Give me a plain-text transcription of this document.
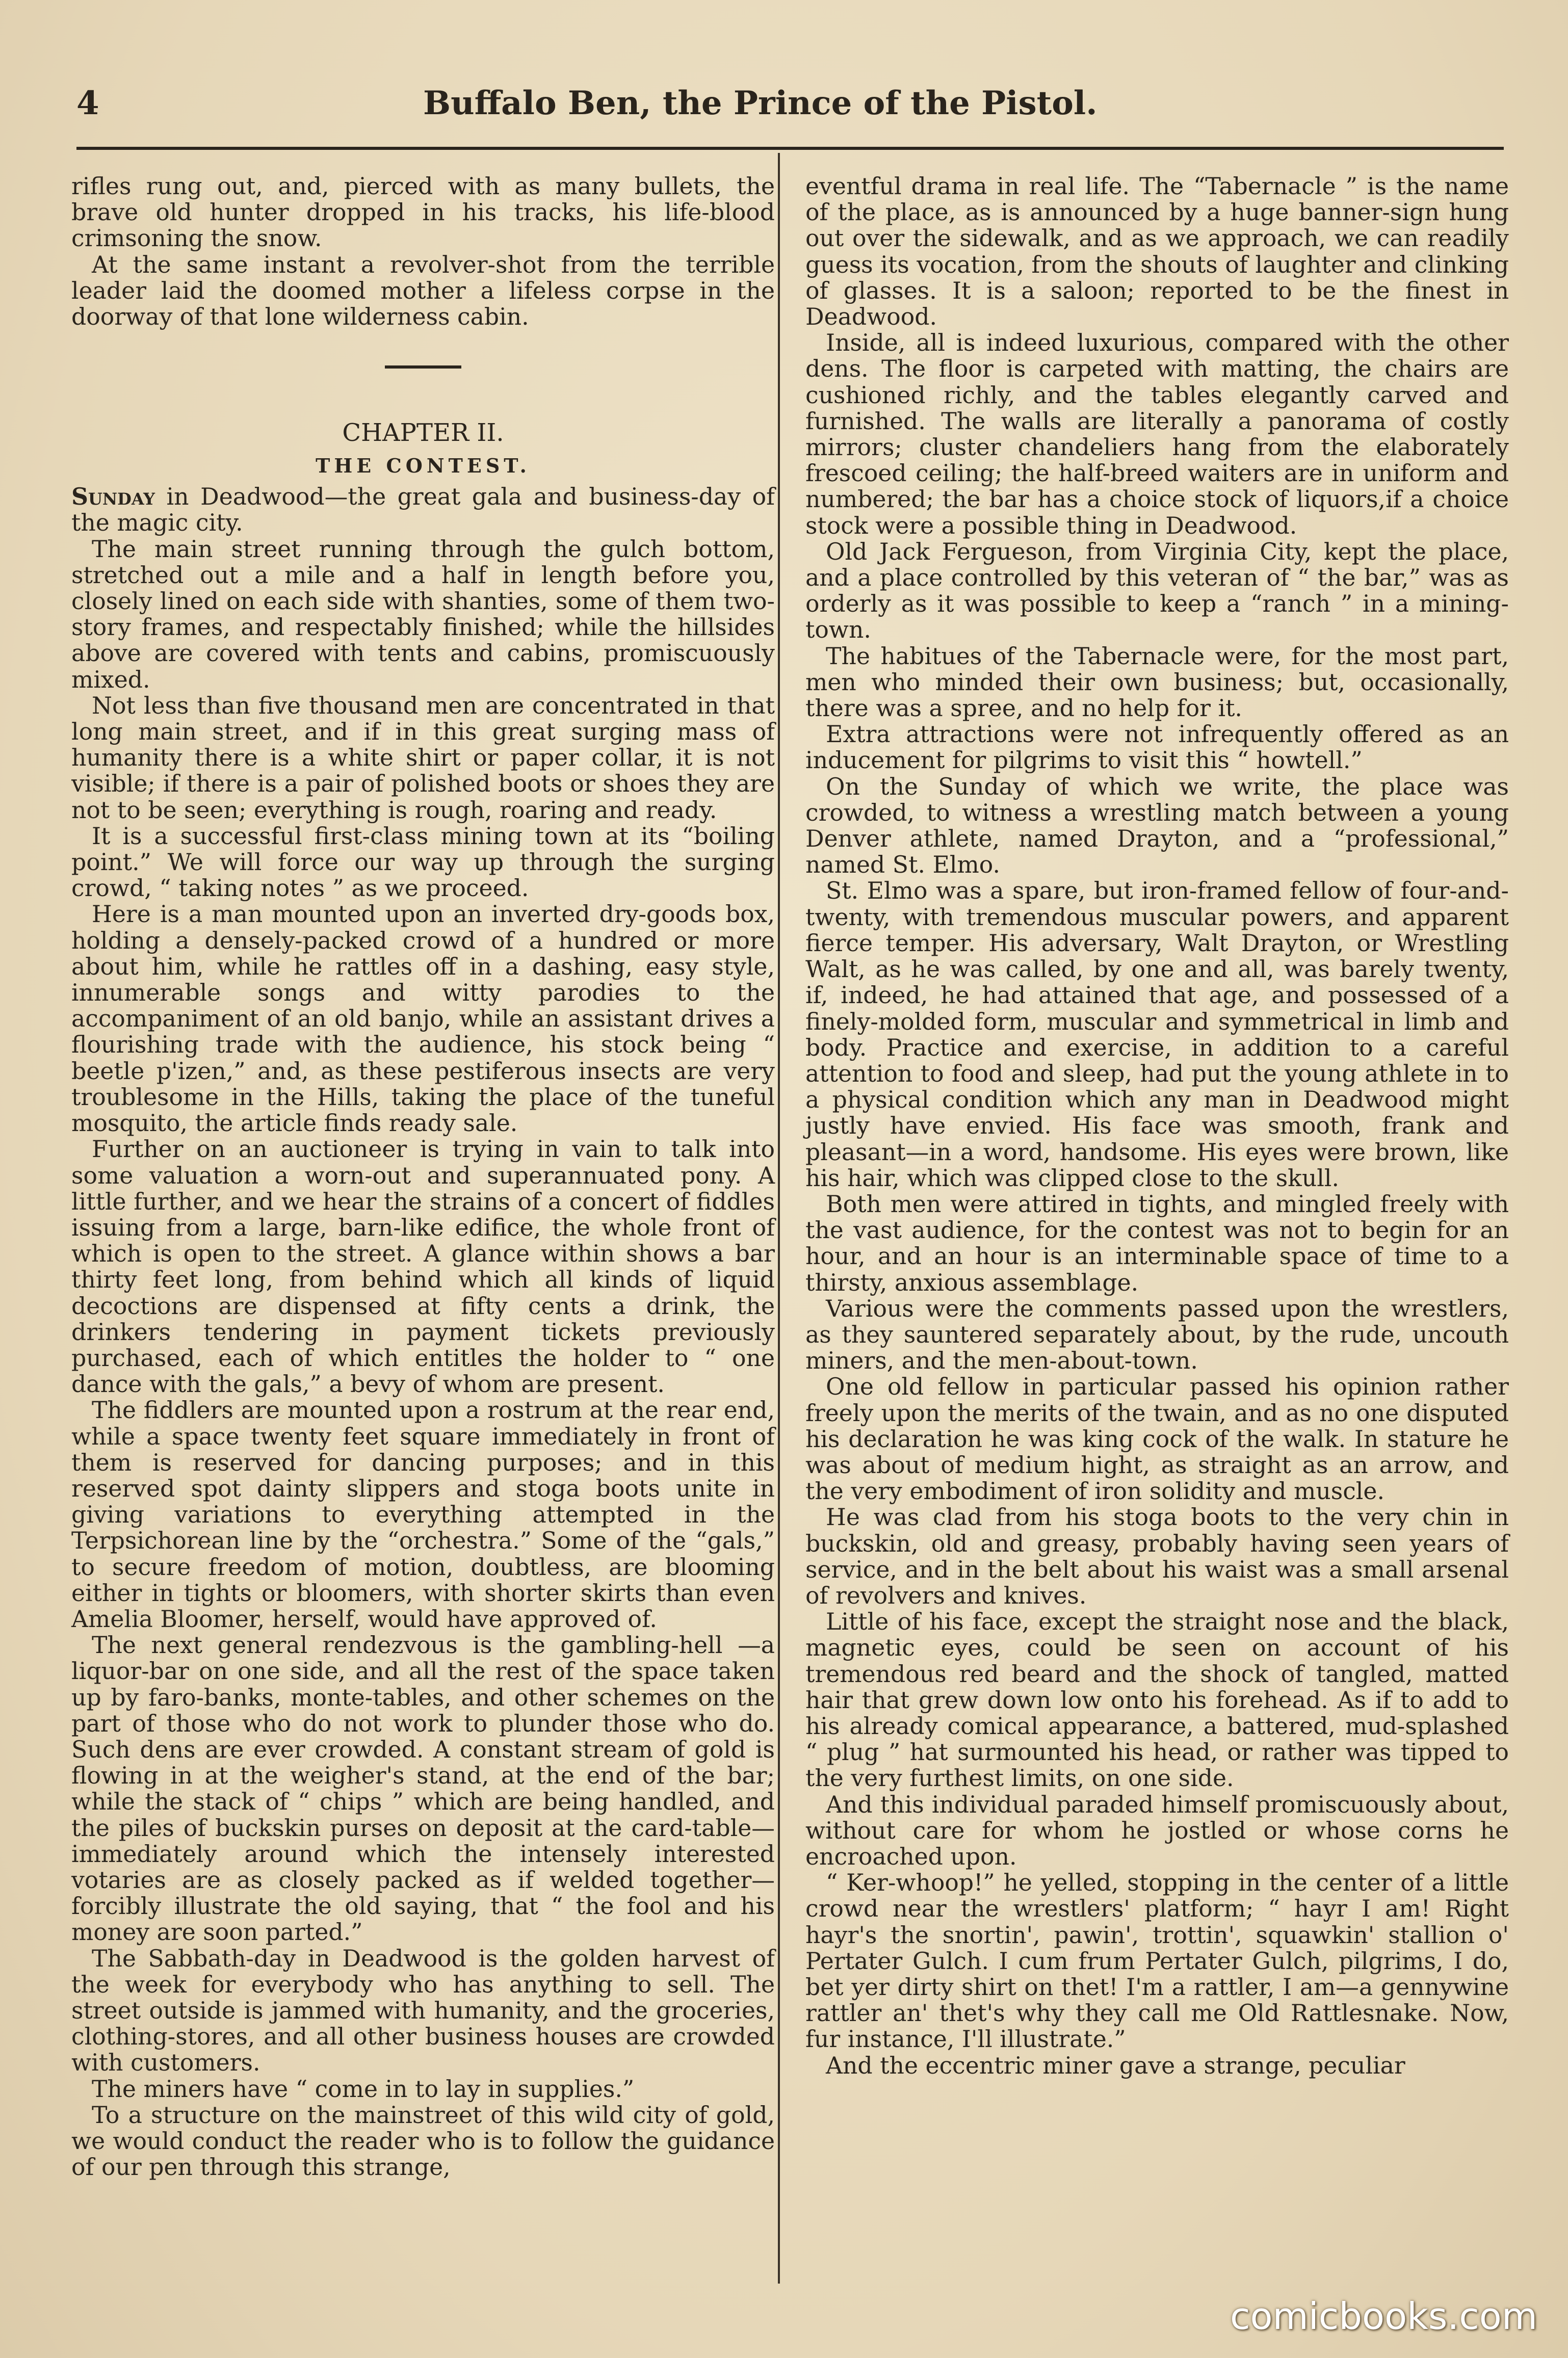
4	Buffalo Ben, the Prince of the Pistol.

rifles rung out, and, pierced with as many bullets, the brave old hunter dropped in his tracks, his life-blood crimsoning the snow.

At the same instant a revolver-shot from the terrible leader laid the doomed mother a lifeless corpse in the doorway of that lone wilderness cabin.

CHAPTER II.

THE CONTEST.

Sunday in Deadwood—the great gala and business-day of the magic city.

The main street running through the gulch bottom, stretched out a mile and a half in length before you, closely lined on each side with shanties, some of them two-story frames, and respectably finished; while the hillsides above are covered with tents and cabins, promiscuously mixed.

Not less than five thousand men are concentrated in that long main street, and if in this great surging mass of humanity there is a white shirt or paper collar, it is not visible; if there is a pair of polished boots or shoes they are not to be seen; everything is rough, roaring and ready.

It is a successful first-class mining town at its “boiling point.” We will force our way up through the surging crowd, “ taking notes ” as we proceed.

Here is a man mounted upon an inverted dry-goods box, holding a densely-packed crowd of a hundred or more about him, while he rattles off in a dashing, easy style, innumerable songs and witty parodies to the accompaniment of an old banjo, while an assistant drives a flourishing trade with the audience, his stock being “ beetle p'izen,” and, as these pestiferous insects are very troublesome in the Hills, taking the place of the tuneful mosquito, the article finds ready sale.

Further on an auctioneer is trying in vain to talk into some valuation a worn-out and superannuated pony. A little further, and we hear the strains of a concert of fiddles issuing from a large, barn-like edifice, the whole front of which is open to the street. A glance within shows a bar thirty feet long, from behind which all kinds of liquid decoctions are dispensed at fifty cents a drink, the drinkers tendering in payment tickets previously purchased, each of which entitles the holder to “ one dance with the gals,” a bevy of whom are present.

The fiddlers are mounted upon a rostrum at the rear end, while a space twenty feet square immediately in front of them is reserved for dancing purposes; and in this reserved spot dainty slippers and stoga boots unite in giving variations to everything attempted in the Terpsichorean line by the “orchestra.” Some of the “gals,” to secure freedom of motion, doubtless, are blooming either in tights or bloomers, with shorter skirts than even Amelia Bloomer, herself, would have approved of.

The next general rendezvous is the gambling-hell —a liquor-bar on one side, and all the rest of the space taken up by faro-banks, monte-tables, and other schemes on the part of those who do not work to plunder those who do. Such dens are ever crowded. A constant stream of gold is flowing in at the weigher's stand, at the end of the bar; while the stack of “ chips ” which are being handled, and the piles of buckskin purses on deposit at the card-table—immediately around which the intensely interested votaries are as closely packed as if welded together—forcibly illustrate the old saying, that “ the fool and his money are soon parted.”

The Sabbath-day in Deadwood is the golden harvest of the week for everybody who has anything to sell. The street outside is jammed with humanity, and the groceries, clothing-stores, and all other business houses are crowded with customers.

The miners have “ come in to lay in supplies.”

To a structure on the mainstreet of this wild city of gold, we would conduct the reader who is to follow the guidance of our pen through this strange,

eventful drama in real life. The “Tabernacle ” is the name of the place, as is announced by a huge banner-sign hung out over the sidewalk, and as we approach, we can readily guess its vocation, from the shouts of laughter and clinking of glasses. It is a saloon; reported to be the finest in Deadwood.

Inside, all is indeed luxurious, compared with the other dens. The floor is carpeted with matting, the chairs are cushioned richly, and the tables elegantly carved and furnished. The walls are literally a panorama of costly mirrors; cluster chandeliers hang from the elaborately frescoed ceiling; the half-breed waiters are in uniform and numbered; the bar has a choice stock of liquors,if a choice stock were a possible thing in Deadwood.

Old Jack Fergueson, from Virginia City, kept the place, and a place controlled by this veteran of “ the bar,” was as orderly as it was possible to keep a “ranch ” in a mining-town.

The habitues of the Tabernacle were, for the most part, men who minded their own business; but, occasionally, there was a spree, and no help for it.

Extra attractions were not infrequently offered as an inducement for pilgrims to visit this “ howtell.”

On the Sunday of which we write, the place was crowded, to witness a wrestling match between a young Denver athlete, named Drayton, and a “professional,” named St. Elmo.

St. Elmo was a spare, but iron-framed fellow of four-and-twenty, with tremendous muscular powers, and apparent fierce temper. His adversary, Walt Drayton, or Wrestling Walt, as he was called, by one and all, was barely twenty, if, indeed, he had attained that age, and possessed of a finely-molded form, muscular and symmetrical in limb and body. Practice and exercise, in addition to a careful attention to food and sleep, had put the young athlete in to a physical condition which any man in Deadwood might justly have envied. His face was smooth, frank and pleasant—in a word, handsome. His eyes were brown, like his hair, which was clipped close to the skull.

Both men were attired in tights, and mingled freely with the vast audience, for the contest was not to begin for an hour, and an hour is an interminable space of time to a thirsty, anxious assemblage.

Various were the comments passed upon the wrestlers, as they sauntered separately about, by the rude, uncouth miners, and the men-about-town.

One old fellow in particular passed his opinion rather freely upon the merits of the twain, and as no one disputed his declaration he was king cock of the walk. In stature he was about of medium hight, as straight as an arrow, and the very embodiment of iron solidity and muscle.

He was clad from his stoga boots to the very chin in buckskin, old and greasy, probably having seen years of service, and in the belt about his waist was a small arsenal of revolvers and knives.

Little of his face, except the straight nose and the black, magnetic eyes, could be seen on account of his tremendous red beard and the shock of tangled, matted hair that grew down low onto his forehead. As if to add to his already comical appearance, a battered, mud-splashed “ plug ” hat surmounted his head, or rather was tipped to the very furthest limits, on one side.

And this individual paraded himself promiscuously about, without care for whom he jostled or whose corns he encroached upon.

“ Ker-whoop!” he yelled, stopping in the center of a little crowd near the wrestlers' platform; “ hayr I am! Right hayr's the snortin', pawin', trottin', squawkin' stallion o' Pertater Gulch. I cum frum Pertater Gulch, pilgrims, I do, bet yer dirty shirt on thet! I'm a rattler, I am—a gennywine rattler an' thet's why they call me Old Rattlesnake. Now, fur instance, I'll illustrate.”

And the eccentric miner gave a strange, peculiar

comicbooks.com
